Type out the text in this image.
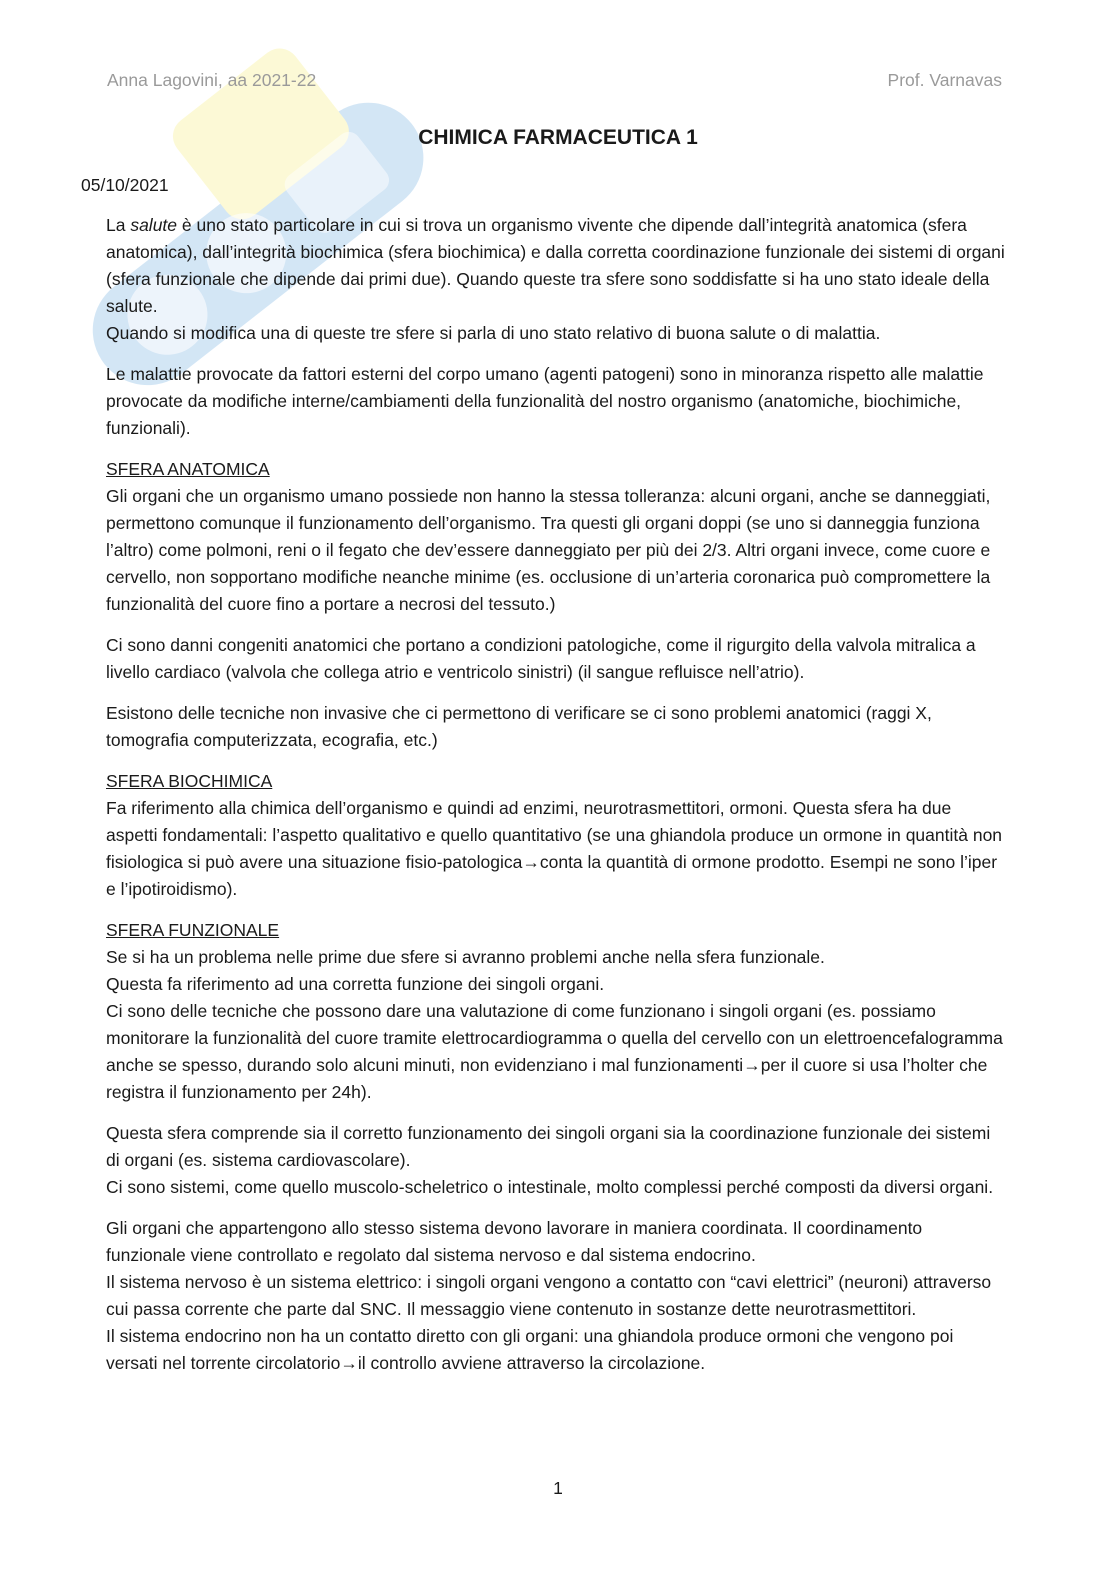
Anna Lagovini, aa 2021-22	Prof. Varnavas
CHIMICA FARMACEUTICA 1
05/10/2021

La salute è uno stato particolare in cui si trova un organismo vivente che dipende dall’integrità anatomica (sfera anatomica), dall’integrità biochimica (sfera biochimica) e dalla corretta coordinazione funzionale dei sistemi di organi (sfera funzionale che dipende dai primi due). Quando queste tra sfere sono soddisfatte si ha uno stato ideale della salute.
Quando si modifica una di queste tre sfere si parla di uno stato relativo di buona salute o di malattia.

Le malattie provocate da fattori esterni del corpo umano (agenti patogeni) sono in minoranza rispetto alle malattie provocate da modifiche interne/cambiamenti della funzionalità del nostro organismo (anatomiche, biochimiche, funzionali).

SFERA ANATOMICA
Gli organi che un organismo umano possiede non hanno la stessa tolleranza: alcuni organi, anche se danneggiati, permettono comunque il funzionamento dell’organismo. Tra questi gli organi doppi (se uno si danneggia funziona l’altro) come polmoni, reni o il fegato che dev’essere danneggiato per più dei 2/3. Altri organi invece, come cuore e cervello, non sopportano modifiche neanche minime (es. occlusione di un’arteria coronarica può compromettere la funzionalità del cuore fino a portare a necrosi del tessuto.)

Ci sono danni congeniti anatomici che portano a condizioni patologiche, come il rigurgito della valvola mitralica a livello cardiaco (valvola che collega atrio e ventricolo sinistri) (il sangue refluisce nell’atrio).

Esistono delle tecniche non invasive che ci permettono di verificare se ci sono problemi anatomici (raggi X, tomografia computerizzata, ecografia, etc.)

SFERA BIOCHIMICA
Fa riferimento alla chimica dell’organismo e quindi ad enzimi, neurotrasmettitori, ormoni. Questa sfera ha due aspetti fondamentali: l’aspetto qualitativo e quello quantitativo (se una ghiandola produce un ormone in quantità non fisiologica si può avere una situazione fisio-patologica→conta la quantità di ormone prodotto. Esempi ne sono l’iper e l’ipotiroidismo).

SFERA FUNZIONALE
Se si ha un problema nelle prime due sfere si avranno problemi anche nella sfera funzionale.
Questa fa riferimento ad una corretta funzione dei singoli organi.
Ci sono delle tecniche che possono dare una valutazione di come funzionano i singoli organi (es. possiamo monitorare la funzionalità del cuore tramite elettrocardiogramma o quella del cervello con un elettroencefalogramma anche se spesso, durando solo alcuni minuti, non evidenziano i mal funzionamenti→per il cuore si usa l’holter che registra il funzionamento per 24h).

Questa sfera comprende sia il corretto funzionamento dei singoli organi sia la coordinazione funzionale dei sistemi di organi (es. sistema cardiovascolare).
Ci sono sistemi, come quello muscolo-scheletrico o intestinale, molto complessi perché composti da diversi organi.

Gli organi che appartengono allo stesso sistema devono lavorare in maniera coordinata. Il coordinamento funzionale viene controllato e regolato dal sistema nervoso e dal sistema endocrino.
Il sistema nervoso è un sistema elettrico: i singoli organi vengono a contatto con “cavi elettrici” (neuroni) attraverso cui passa corrente che parte dal SNC. Il messaggio viene contenuto in sostanze dette neurotrasmettitori.
Il sistema endocrino non ha un contatto diretto con gli organi: una ghiandola produce ormoni che vengono poi versati nel torrente circolatorio→il controllo avviene attraverso la circolazione.

1
